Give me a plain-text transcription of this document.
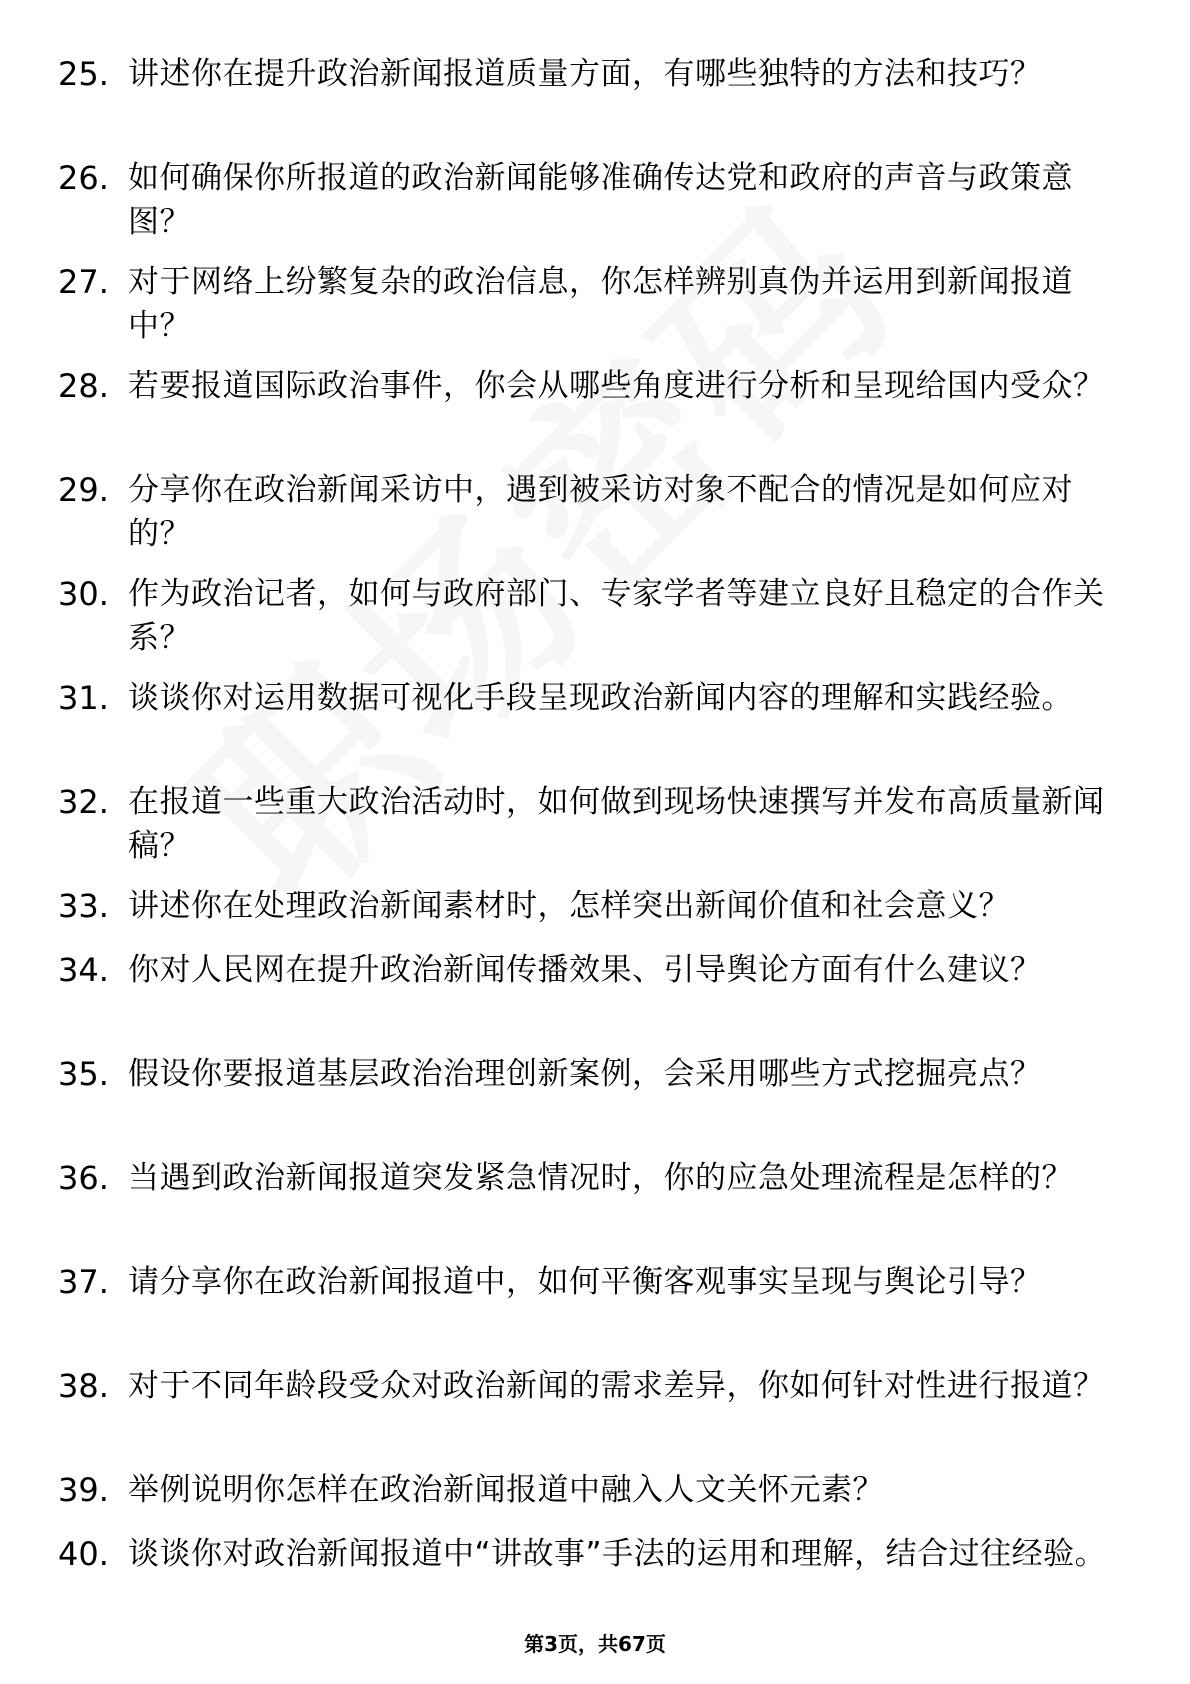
25. 讲述你在提升政治新闻报道质量方面，有哪些独特的方法和技巧？
26. 如何确保你所报道的政治新闻能够准确传达党和政府的声音与政策意图？
27. 对于网络上纷繁复杂的政治信息，你怎样辨别真伪并运用到新闻报道中？
28. 若要报道国际政治事件，你会从哪些角度进行分析和呈现给国内受众？
29. 分享你在政治新闻采访中，遇到被采访对象不配合的情况是如何应对的？
30. 作为政治记者，如何与政府部门、专家学者等建立良好且稳定的合作关系？
31. 谈谈你对运用数据可视化手段呈现政治新闻内容的理解和实践经验。
32. 在报道一些重大政治活动时，如何做到现场快速撰写并发布高质量新闻稿？
33. 讲述你在处理政治新闻素材时，怎样突出新闻价值和社会意义？
34. 你对人民网在提升政治新闻传播效果、引导舆论方面有什么建议？
35. 假设你要报道基层政治治理创新案例，会采用哪些方式挖掘亮点？
36. 当遇到政治新闻报道突发紧急情况时，你的应急处理流程是怎样的？
37. 请分享你在政治新闻报道中，如何平衡客观事实呈现与舆论引导？
38. 对于不同年龄段受众对政治新闻的需求差异，你如何针对性进行报道？
39. 举例说明你怎样在政治新闻报道中融入人文关怀元素？
40. 谈谈你对政治新闻报道中“讲故事”手法的运用和理解，结合过往经验。
第3页，共67页
